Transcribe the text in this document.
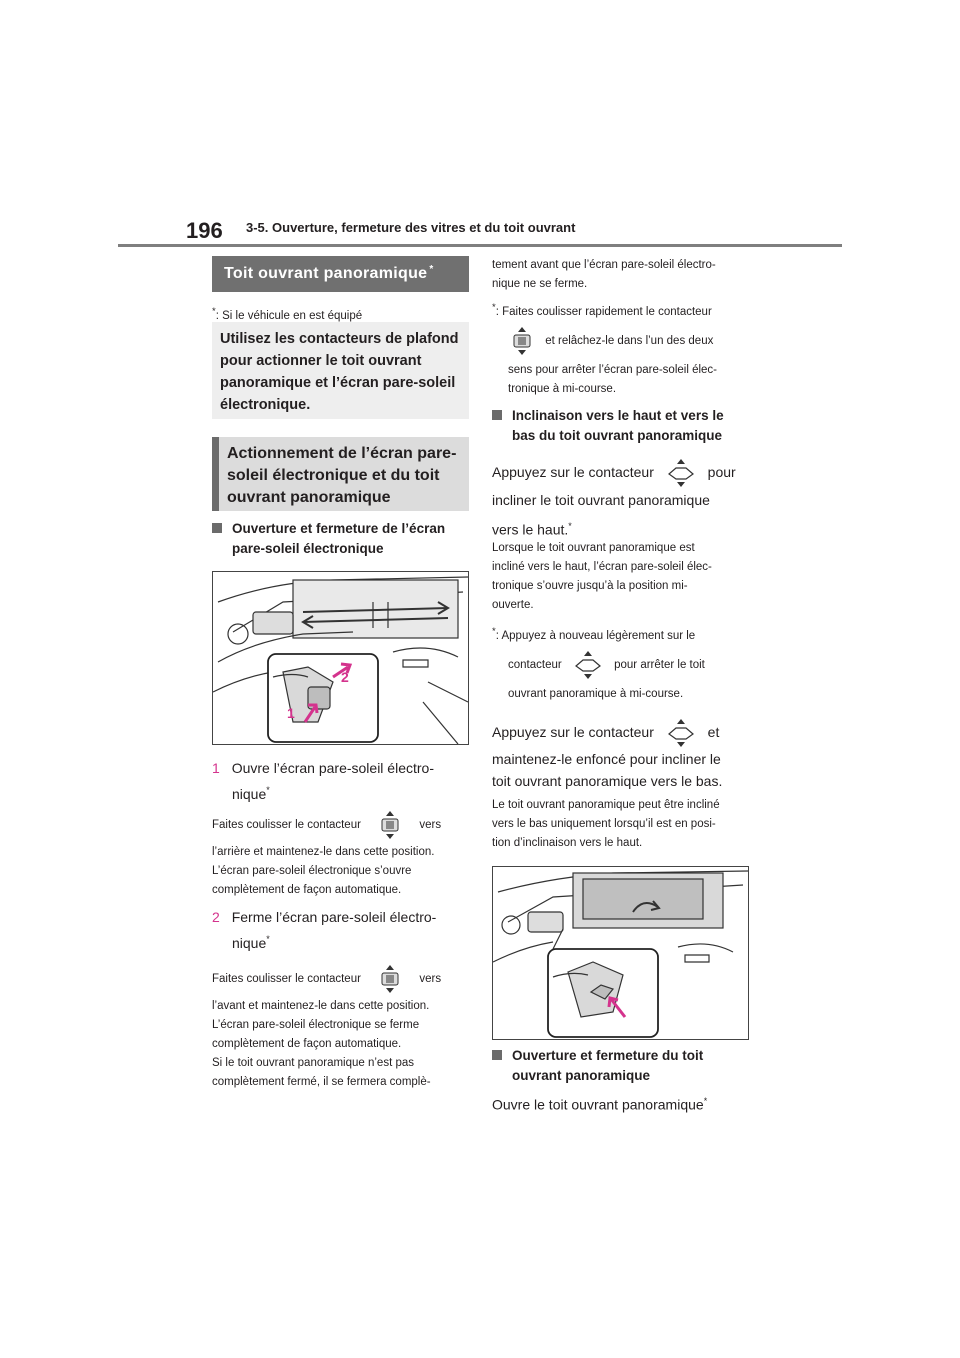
196 3-5. Ouverture, fermeture des vitres et du toit ouvrant
Toit ouvrant panoramique*
*: Si le véhicule en est équipé
Utilisez les contacteurs de plafond
pour actionner le toit ouvrant
panoramique et l’écran pare-soleil
électronique.
Actionnement de l’écran pare-
soleil électronique et du toit
ouvrant panoramique
Ouverture et fermeture de l’écran
pare-soleil électronique
2
1
1 Ouvre l’écran pare-soleil électro-
nique*
Faites coulisser le contacteur	vers
l’arrière et maintenez-le dans cette position.
L’écran pare-soleil électronique s’ouvre
complètement de façon automatique.
2 Ferme l’écran pare-soleil électro-
nique*
Faites coulisser le contacteur	vers
l’avant et maintenez-le dans cette position.
L’écran pare-soleil électronique se ferme
complètement de façon automatique.
Si le toit ouvrant panoramique n’est pas
complètement fermé, il se fermera complè-
tement avant que l’écran pare-soleil électro-
nique ne se ferme.
*: Faites coulisser rapidement le contacteur
et relâchez-le dans l’un des deux
sens pour arrêter l’écran pare-soleil élec-
tronique à mi-course.
Inclinaison vers le haut et vers le
bas du toit ouvrant panoramique
Appuyez sur le contacteur	pour
incliner le toit ouvrant panoramique
vers le haut.*
Lorsque le toit ouvrant panoramique est
incliné vers le haut, l’écran pare-soleil élec-
tronique s’ouvre jusqu’à la position mi-
ouverte.
*: Appuyez à nouveau légèrement sur le
contacteur	pour arrêter le toit
ouvrant panoramique à mi-course.
Appuyez sur le contacteur	et
maintenez-le enfoncé pour incliner le
toit ouvrant panoramique vers le bas.
Le toit ouvrant panoramique peut être incliné
vers le bas uniquement lorsqu’il est en posi-
tion d’inclinaison vers le haut.
Ouverture et fermeture du toit
ouvrant panoramique
Ouvre le toit ouvrant panoramique*
